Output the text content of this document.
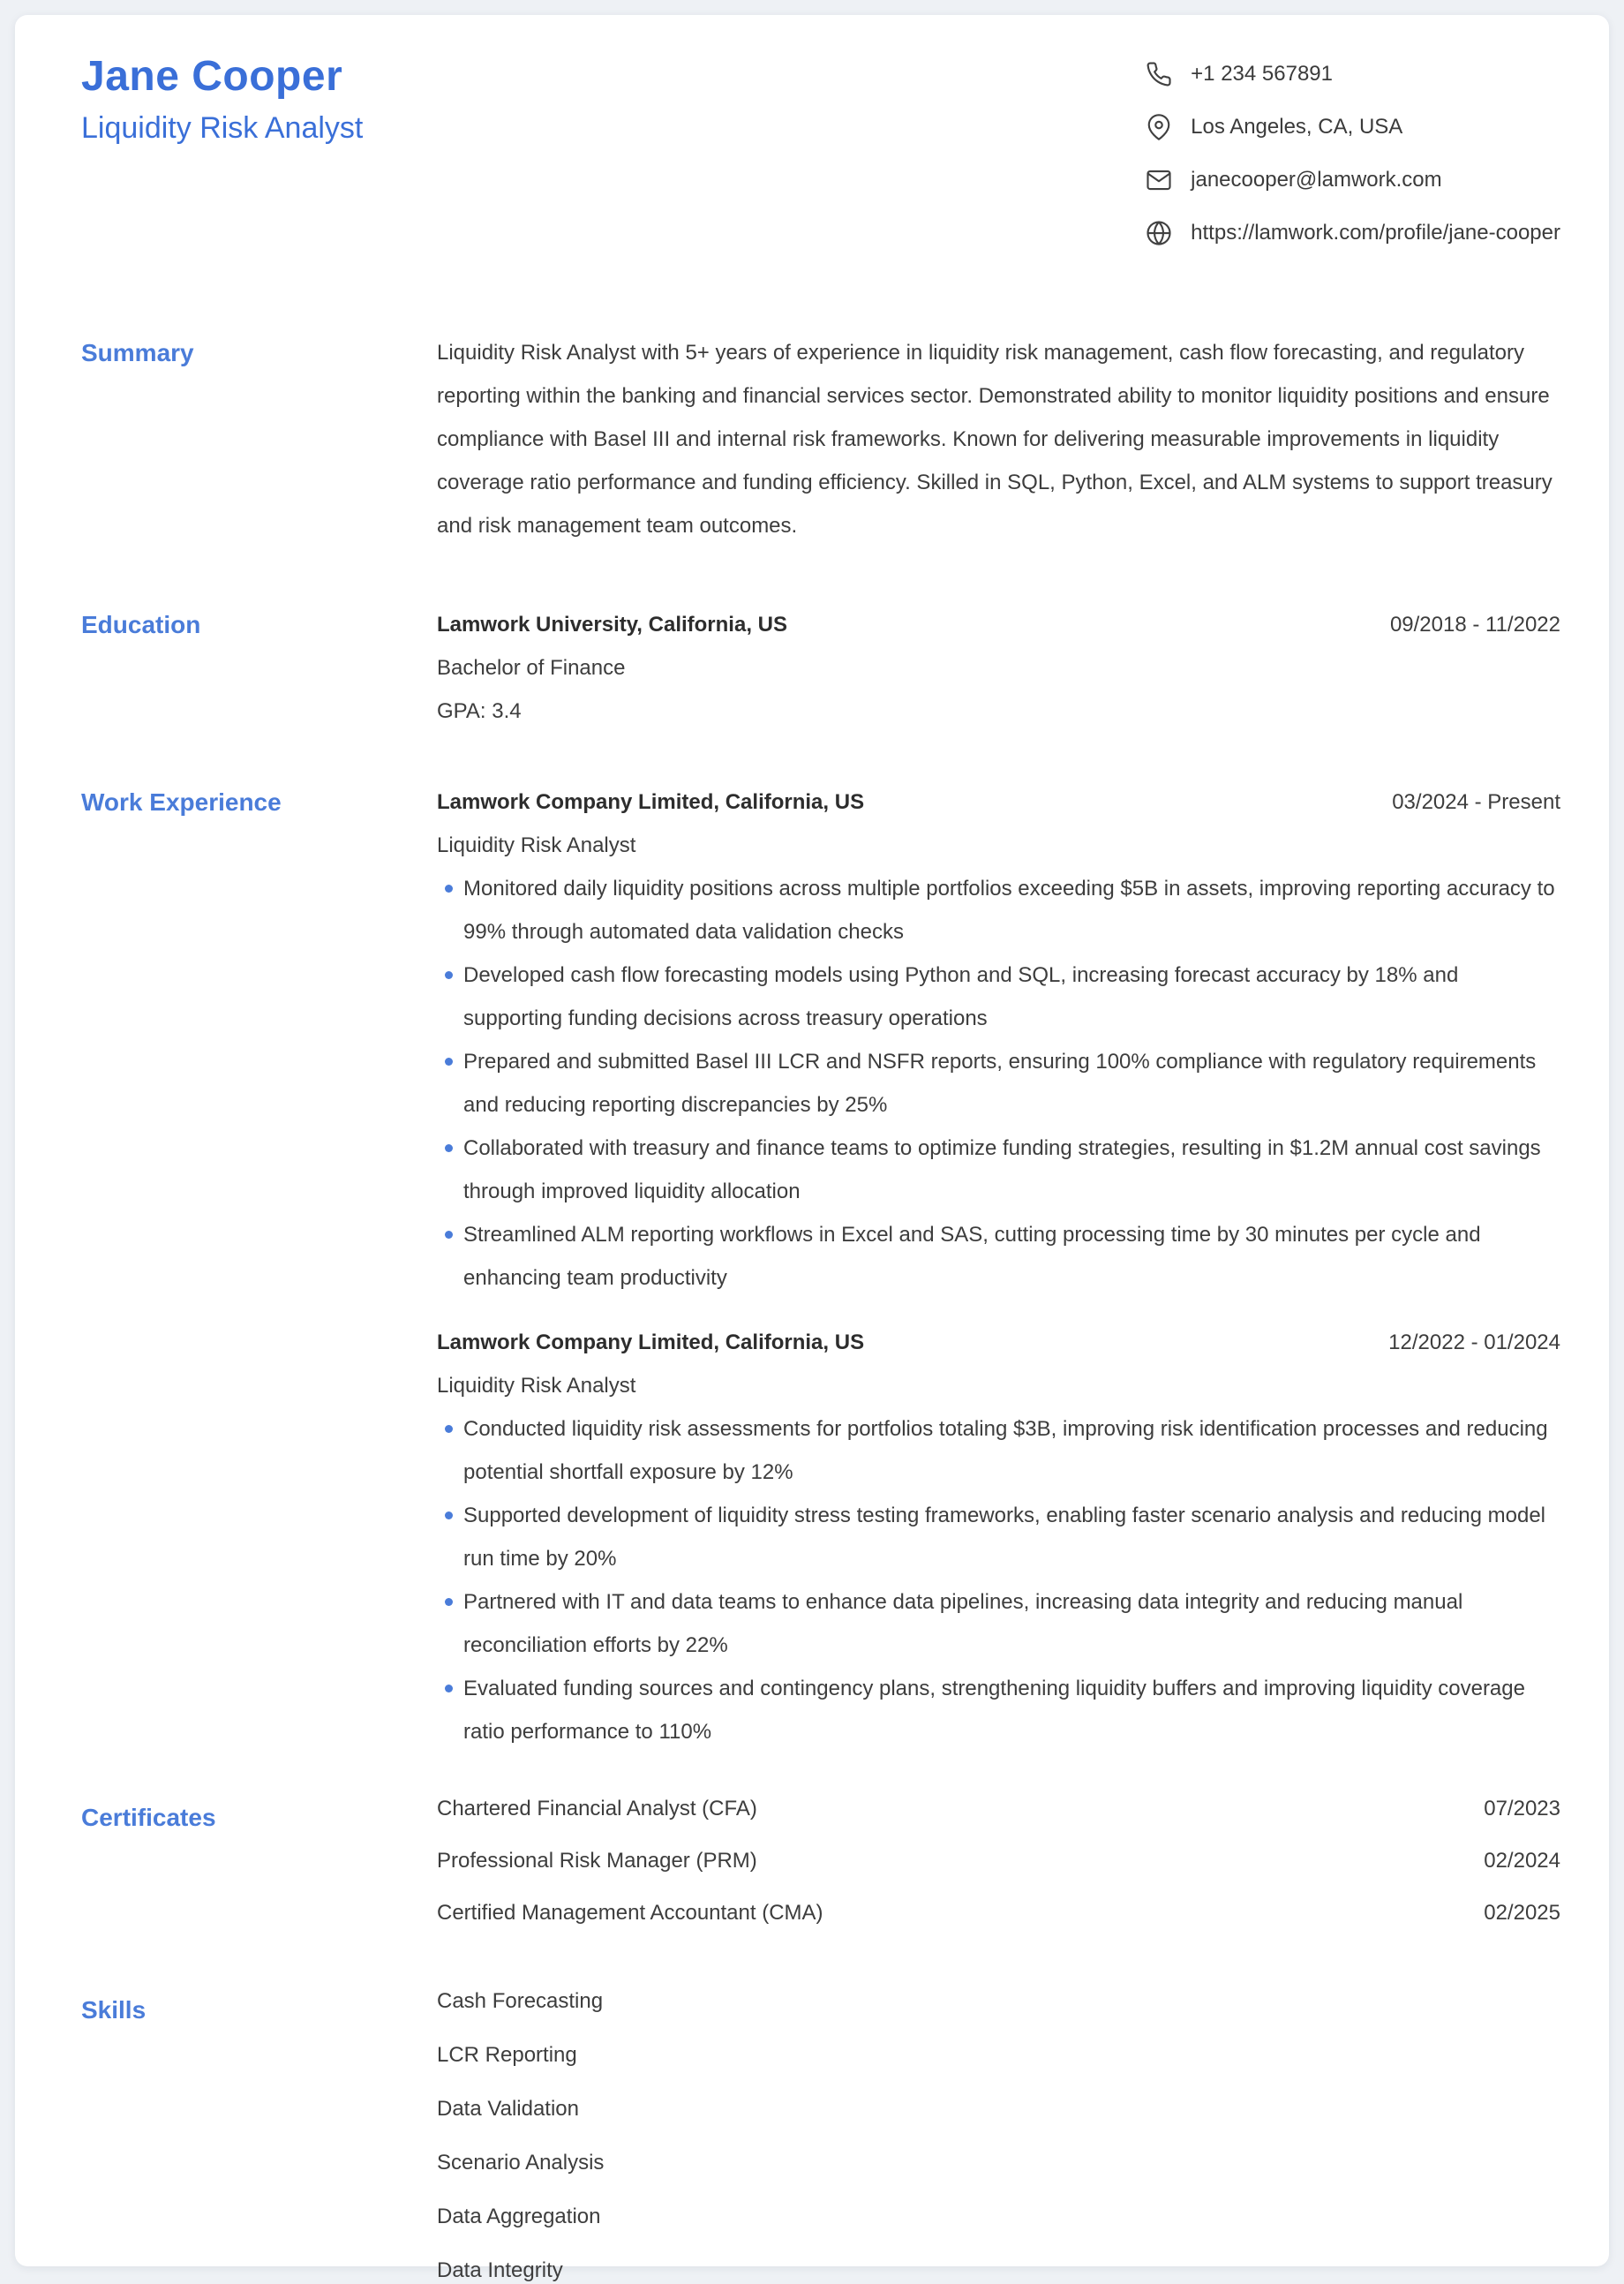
Jane Cooper
Liquidity Risk Analyst
+1 234 567891
Los Angeles, CA, USA
janecooper@lamwork.com
https://lamwork.com/profile/jane-cooper
Summary	Liquidity Risk Analyst with 5+ years of experience in liquidity risk management, cash flow forecasting, and regulatory reporting within the banking and financial services sector. Demonstrated ability to monitor liquidity positions and ensure compliance with Basel III and internal risk frameworks. Known for delivering measurable improvements in liquidity coverage ratio performance and funding efficiency. Skilled in SQL, Python, Excel, and ALM systems to support treasury and risk management team outcomes.

Education	Lamwork University, California, US	09/2018 - 11/2022
Bachelor of Finance
GPA: 3.4
Work Experience	Lamwork Company Limited, California, US	03/2024 - Present
Liquidity Risk Analyst
Monitored daily liquidity positions across multiple portfolios exceeding $5B in assets, improving reporting accuracy to 99% through automated data validation checks
Developed cash flow forecasting models using Python and SQL, increasing forecast accuracy by 18% and supporting funding decisions across treasury operations
Prepared and submitted Basel III LCR and NSFR reports, ensuring 100% compliance with regulatory requirements and reducing reporting discrepancies by 25%
Collaborated with treasury and finance teams to optimize funding strategies, resulting in $1.2M annual cost savings through improved liquidity allocation
Streamlined ALM reporting workflows in Excel and SAS, cutting processing time by 30 minutes per cycle and enhancing team productivity
Lamwork Company Limited, California, US	12/2022 - 01/2024
Liquidity Risk Analyst
Conducted liquidity risk assessments for portfolios totaling $3B, improving risk identification processes and reducing potential shortfall exposure by 12%
Supported development of liquidity stress testing frameworks, enabling faster scenario analysis and reducing model run time by 20%
Partnered with IT and data teams to enhance data pipelines, increasing data integrity and reducing manual reconciliation efforts by 22%
Evaluated funding sources and contingency plans, strengthening liquidity buffers and improving liquidity coverage ratio performance to 110%
Certificates	Chartered Financial Analyst (CFA)	07/2023
Professional Risk Manager (PRM)	02/2024
Certified Management Accountant (CMA)	02/2025
Skills	Cash Forecasting
LCR Reporting
Data Validation
Scenario Analysis
Data Aggregation
Data Integrity
